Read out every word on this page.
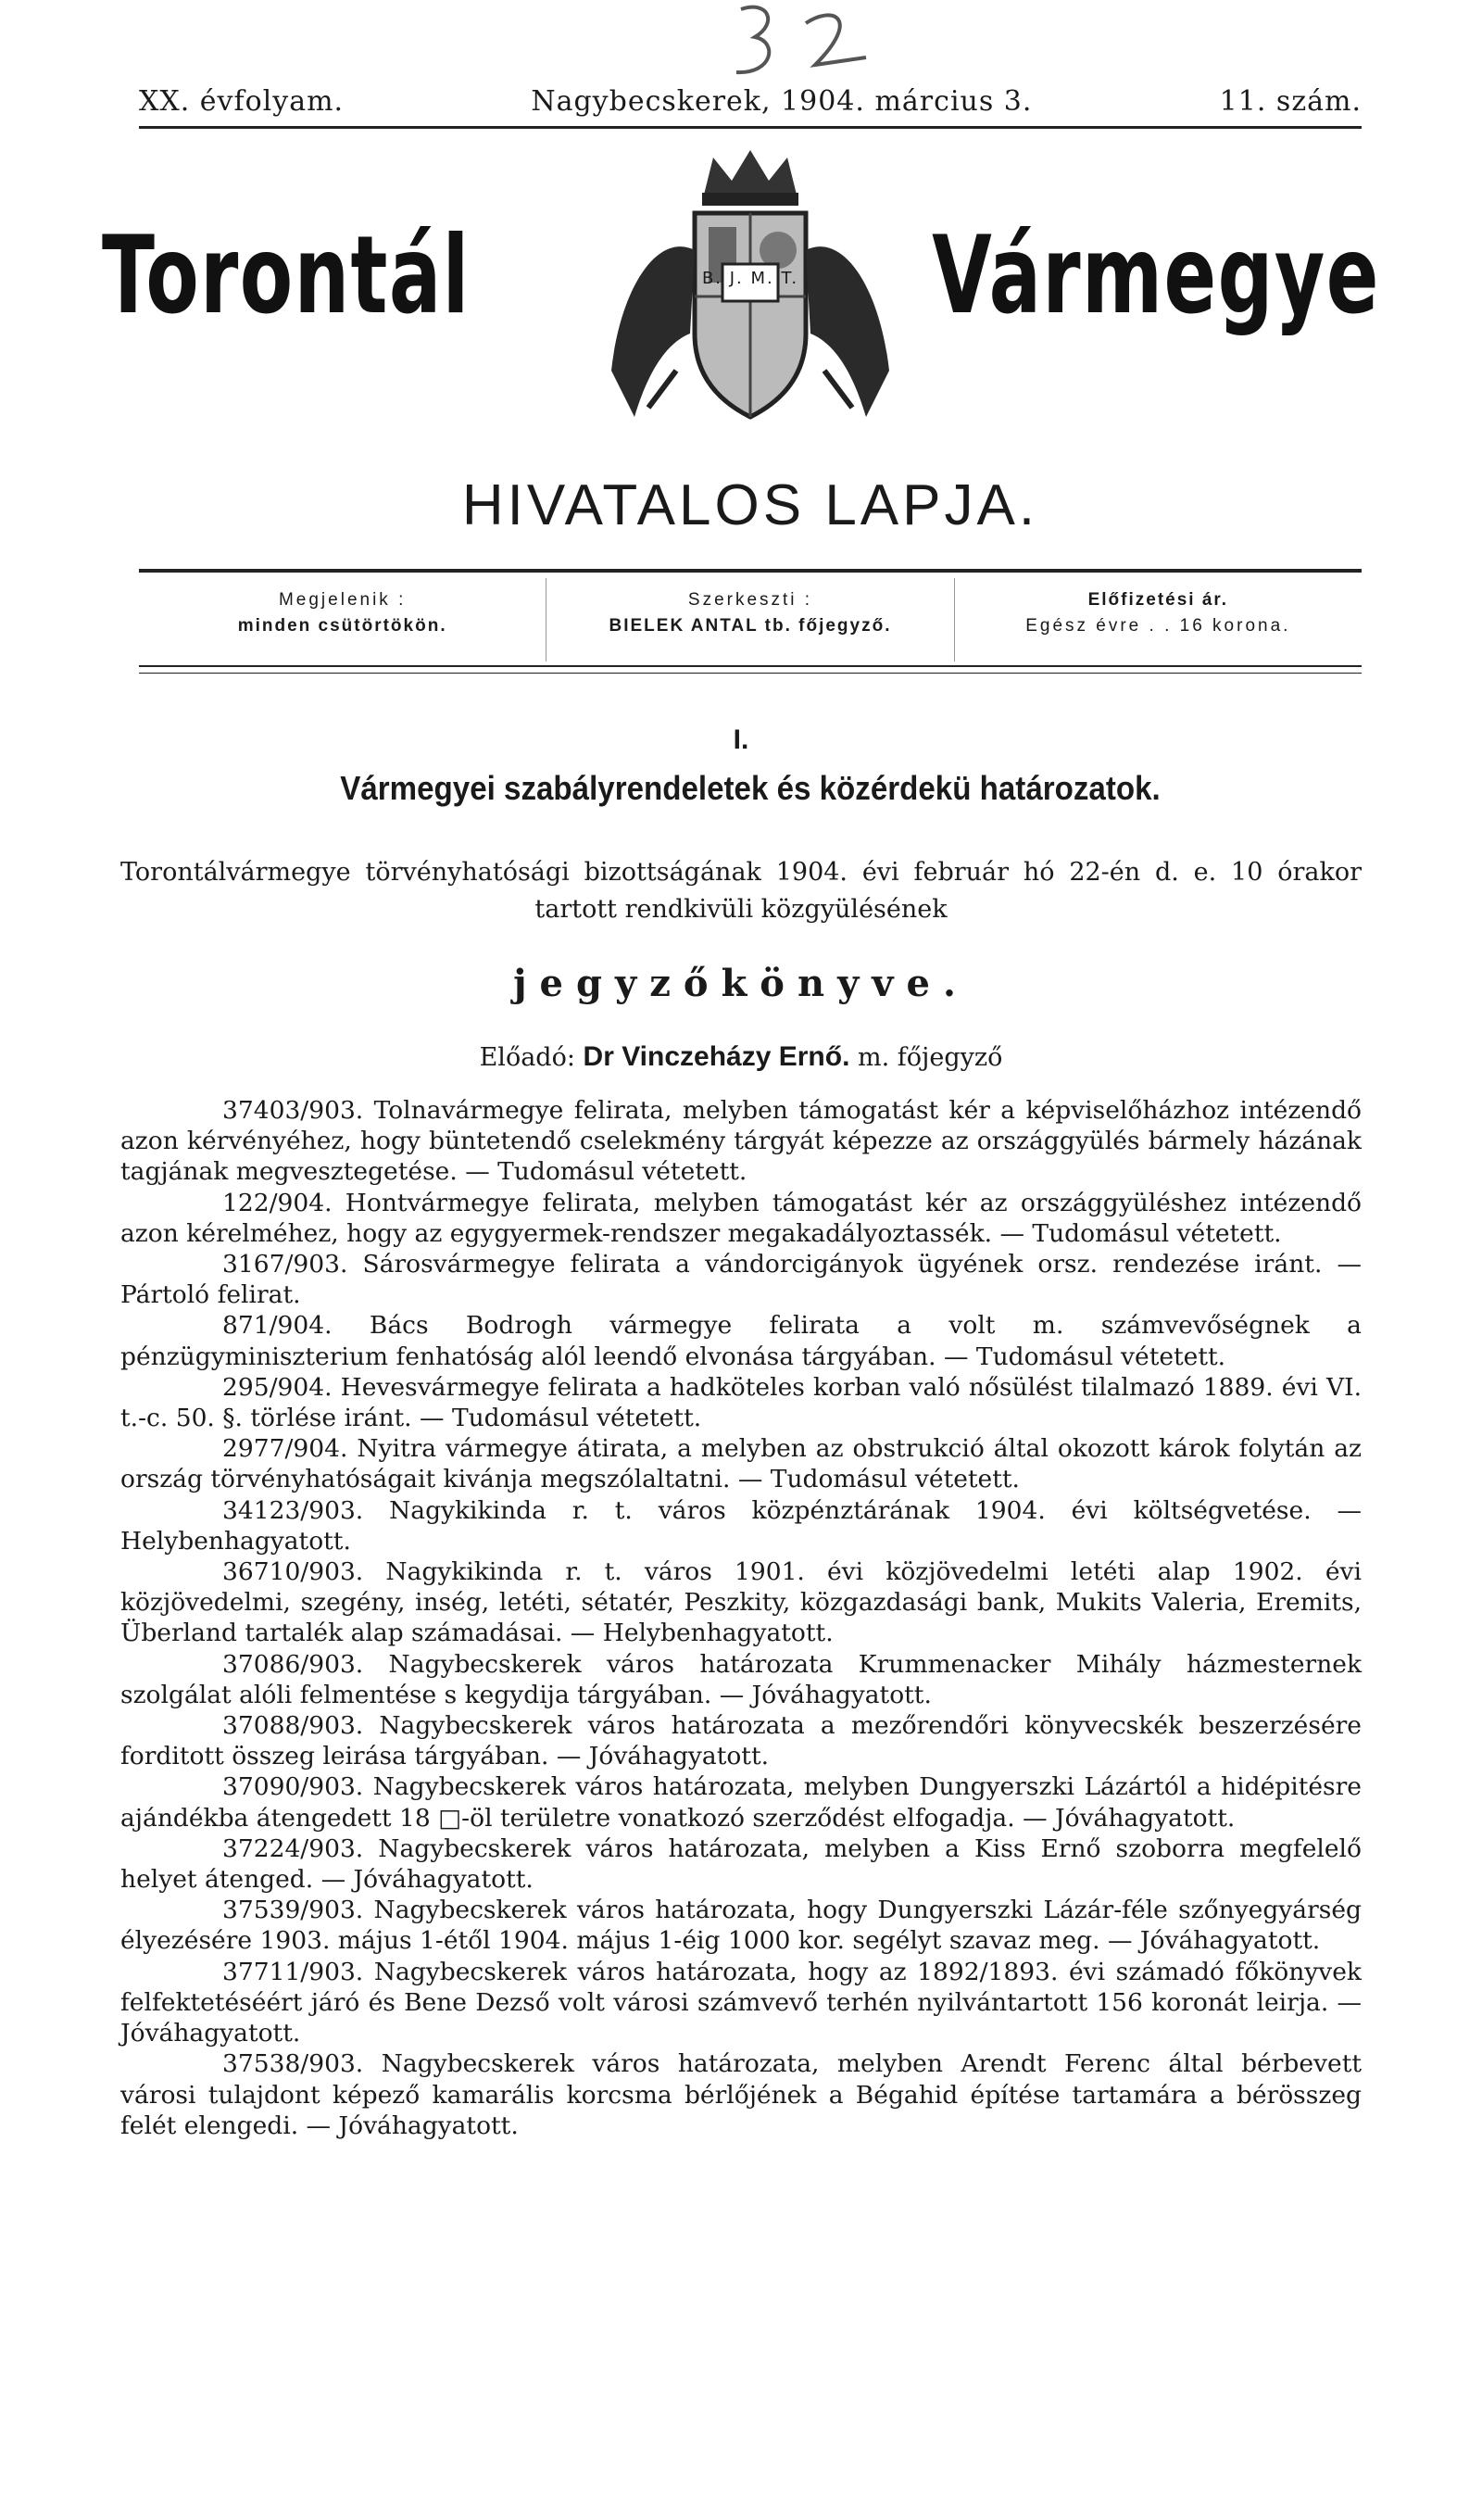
XX. évfolyam.	Nagybecskerek, 1904. március 3.	11. szám.
Torontál	B. J. M. T.	Vármegye
HIVATALOS LAPJA.
Megjelenik :
minden csütörtökön.
Szerkeszti :
BIELEK ANTAL tb. főjegyző.
Előfizetési ár.
Egész évre . . 16 korona.
I.
Vármegyei szabályrendeletek és közérdekü határozatok.
Torontálvármegye törvényhatósági bizottságának 1904. évi február hó 22-én d. e. 10 órakor tartott rendkivüli közgyülésének
jegyzőkönyve.
Előadó: Dr Vinczeházy Ernő. m. főjegyző

37403/903. Tolnavármegye felirata, melyben támogatást kér a képviselőházhoz intézendő azon kérvényéhez, hogy büntetendő cselekmény tárgyát képezze az országgyülés bármely házának tagjának megvesztegetése. — Tudomásul vétetett.

122/904. Hontvármegye felirata, melyben támogatást kér az országgyüléshez intézendő azon kérelméhez, hogy az egygyermek-rendszer megakadályoztassék. — Tudomásul vétetett.

3167/903. Sárosvármegye felirata a vándorcigányok ügyének orsz. rendezése iránt. — Pártoló felirat.

871/904. Bács Bodrogh vármegye felirata a volt m. számvevőségnek a pénzügyminiszterium fenhatóság alól leendő elvonása tárgyában. — Tudomásul vétetett.

295/904. Hevesvármegye felirata a hadköteles korban való nősülést tilalmazó 1889. évi VI. t.-c. 50. §. törlése iránt. — Tudomásul vétetett.

2977/904. Nyitra vármegye átirata, a melyben az obstrukció által okozott károk folytán az ország törvényhatóságait kivánja megszólaltatni. — Tudomásul vétetett.

34123/903. Nagykikinda r. t. város közpénztárának 1904. évi költségvetése. — Helybenhagyatott.

36710/903. Nagykikinda r. t. város 1901. évi közjövedelmi letéti alap 1902. évi közjövedelmi, szegény, inség, letéti, sétatér, Peszkity, közgazdasági bank, Mukits Valeria, Eremits, Überland tartalék alap számadásai. — Helybenhagyatott.

37086/903. Nagybecskerek város határozata Krummenacker Mihály házmesternek szolgálat alóli felmentése s kegydija tárgyában. — Jóváhagyatott.

37088/903. Nagybecskerek város határozata a mezőrendőri könyvecskék beszerzésére forditott összeg leirása tárgyában. — Jóváhagyatott.

37090/903. Nagybecskerek város határozata, melyben Dungyerszki Lázártól a hidépitésre ajándékba átengedett 18 □-öl területre vonatkozó szerződést elfogadja. — Jóváhagyatott.

37224/903. Nagybecskerek város határozata, melyben a Kiss Ernő szoborra megfelelő helyet átenged. — Jóváhagyatott.

37539/903. Nagybecskerek város határozata, hogy Dungyerszki Lázár-féle szőnyegyárség élyezésére 1903. május 1-étől 1904. május 1-éig 1000 kor. segélyt szavaz meg. — Jóváhagyatott.

37711/903. Nagybecskerek város határozata, hogy az 1892/1893. évi számadó főkönyvek felfektetéséért járó és Bene Dezső volt városi számvevő terhén nyilvántartott 156 koronát leirja. — Jóváhagyatott.

37538/903. Nagybecskerek város határozata, melyben Arendt Ferenc által bérbevett városi tulajdont képező kamarális korcsma bérlőjének a Bégahid építése tartamára a bérösszeg felét elengedi. — Jóváhagyatott.
